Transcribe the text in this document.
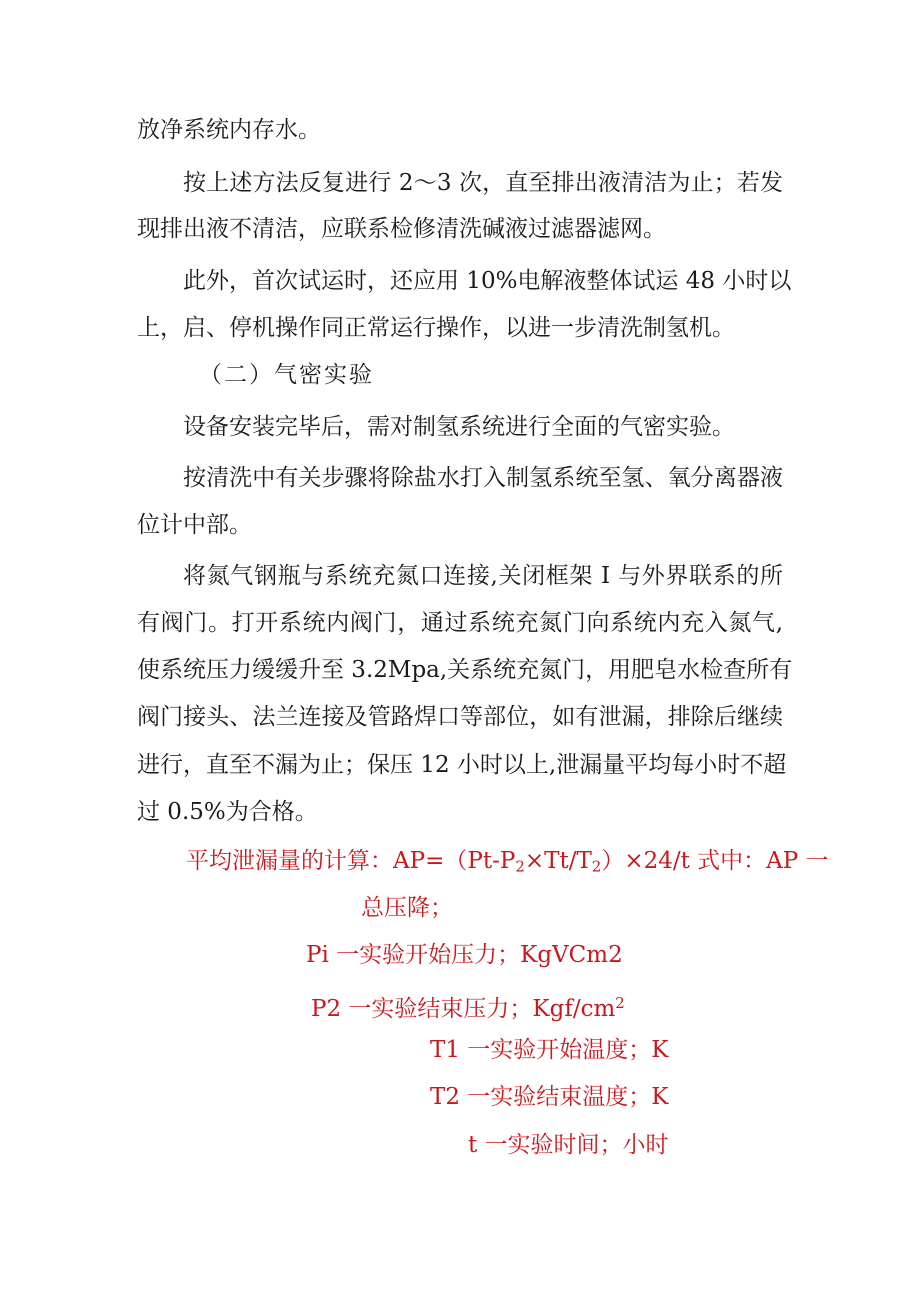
放净系统内存水。
按上述方法反复进行 2～3 次，直至排出液清洁为止；若发
现排出液不清洁，应联系检修清洗碱液过滤器滤网。
此外，首次试运时，还应用 10%电解液整体试运 48 小时以
上，启、停机操作同正常运行操作，以进一步清洗制氢机。
（二）气密实验
设备安装完毕后，需对制氢系统进行全面的气密实验。
按清洗中有关步骤将除盐水打入制氢系统至氢、氧分离器液
位计中部。
将氮气钢瓶与系统充氮口连接,关闭框架 I 与外界联系的所
有阀门。打开系统内阀门，通过系统充氮门向系统内充入氮气,
使系统压力缓缓升至 3.2Mpa,关系统充氮门，用肥皂水检查所有
阀门接头、法兰连接及管路焊口等部位，如有泄漏，排除后继续
进行，直至不漏为止；保压 12 小时以上,泄漏量平均每小时不超
过 0.5%为合格。
平均泄漏量的计算：$AP=(Pt-P_2\times Tt/T_2)\times 24/t$ 式中：AP 一
总压降；
Pi 一实验开始压力；KgVCm2
P2 一实验结束压力；Kgf/$cm^2$
T1 一实验开始温度；K
T2 一实验结束温度；K
t 一实验时间；小时
